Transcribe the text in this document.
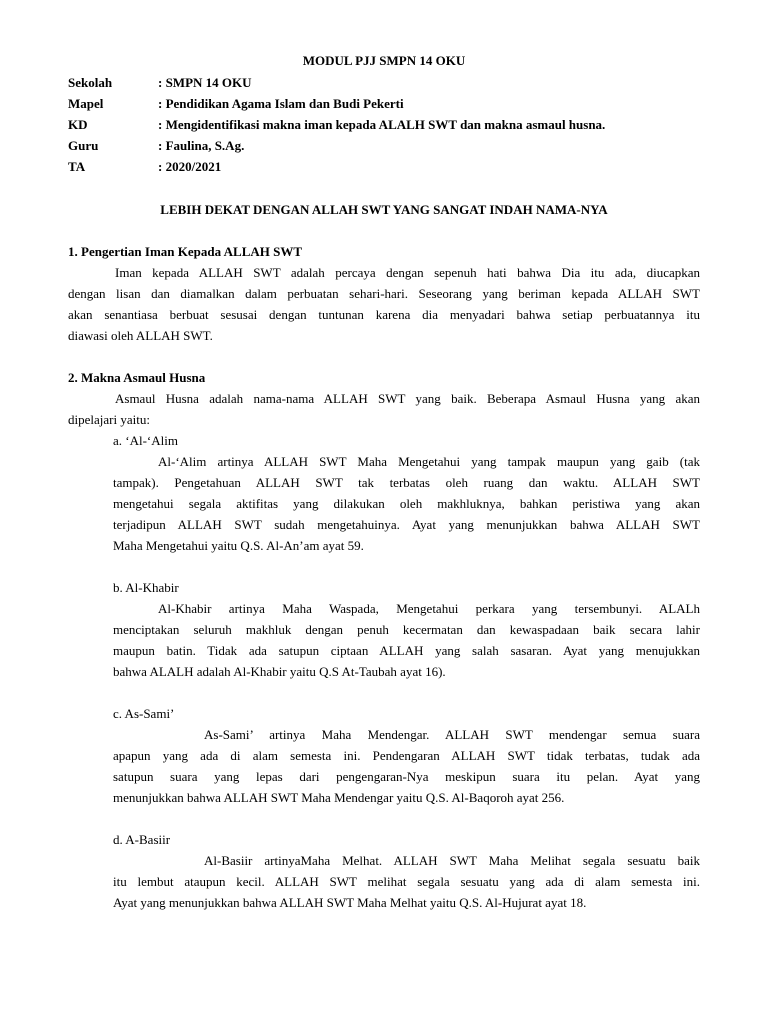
MODUL PJJ SMPN 14 OKU
Sekolah	: SMPN 14 OKU
Mapel	: Pendidikan Agama Islam dan Budi Pekerti
KD	: Mengidentifikasi makna iman kepada ALALH SWT dan makna asmaul husna.
Guru	: Faulina, S.Ag.
TA	: 2020/2021
LEBIH DEKAT DENGAN ALLAH SWT YANG SANGAT INDAH NAMA-NYA
1. Pengertian Iman Kepada ALLAH SWT
Iman kepada ALLAH SWT adalah percaya dengan sepenuh hati bahwa Dia itu ada, diucapkan
dengan lisan dan diamalkan dalam perbuatan sehari-hari. Seseorang yang beriman kepada ALLAH SWT
akan senantiasa berbuat sesusai dengan tuntunan karena dia menyadari bahwa setiap perbuatannya itu
diawasi oleh ALLAH SWT.
2. Makna Asmaul Husna
Asmaul Husna adalah nama-nama ALLAH SWT yang baik. Beberapa Asmaul Husna yang akan
dipelajari yaitu:
a. ‘Al-‘Alim
Al-‘Alim artinya ALLAH SWT Maha Mengetahui yang tampak maupun yang gaib (tak
tampak). Pengetahuan ALLAH SWT tak terbatas oleh ruang dan waktu. ALLAH SWT
mengetahui segala aktifitas yang dilakukan oleh makhluknya, bahkan peristiwa yang akan
terjadipun ALLAH SWT sudah mengetahuinya. Ayat yang menunjukkan bahwa ALLAH SWT
Maha Mengetahui yaitu Q.S. Al-An’am ayat 59.
b. Al-Khabir
Al-Khabir artinya Maha Waspada, Mengetahui perkara yang tersembunyi. ALALh
menciptakan seluruh makhluk dengan penuh kecermatan dan kewaspadaan baik secara lahir
maupun batin. Tidak ada satupun ciptaan ALLAH yang salah sasaran. Ayat yang menujukkan
bahwa ALALH adalah Al-Khabir yaitu Q.S At-Taubah ayat 16).
c. As-Sami’
As-Sami’ artinya Maha Mendengar. ALLAH SWT mendengar semua suara
apapun yang ada di alam semesta ini. Pendengaran ALLAH SWT tidak terbatas, tudak ada
satupun suara yang lepas dari pengengaran-Nya meskipun suara itu pelan. Ayat yang
menunjukkan bahwa ALLAH SWT Maha Mendengar yaitu Q.S. Al-Baqoroh ayat 256.
d. A-Basiir
Al-Basiir artinyaMaha Melhat. ALLAH SWT Maha Melihat segala sesuatu baik
itu lembut ataupun kecil. ALLAH SWT melihat segala sesuatu yang ada di alam semesta ini.
Ayat yang menunjukkan bahwa ALLAH SWT Maha Melhat yaitu Q.S. Al-Hujurat ayat 18.
